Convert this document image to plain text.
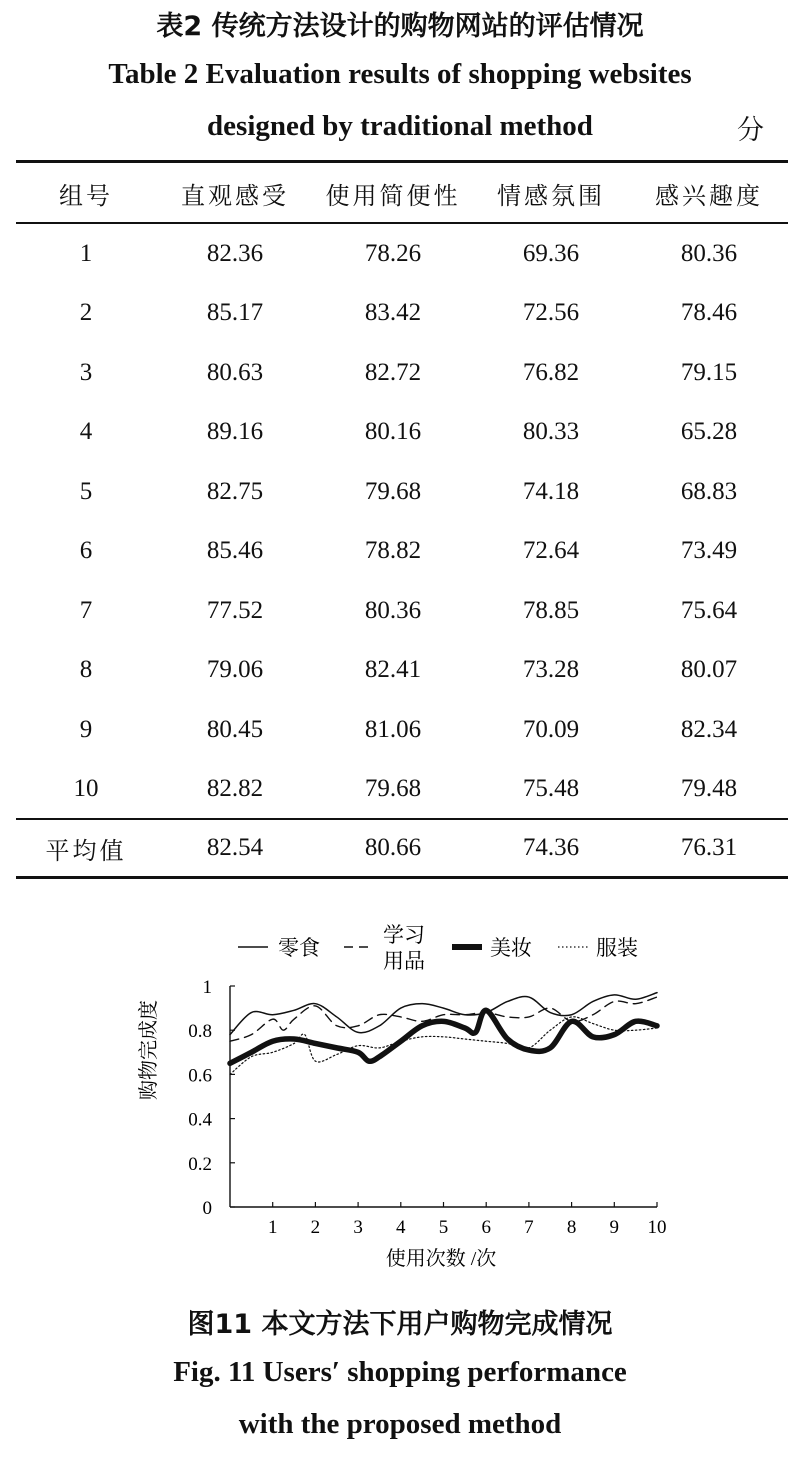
表2 传统方法设计的购物网站的评估情况
Table 2 Evaluation results of shopping websites
designed by traditional method	分
组号	直观感受	使用简便性	情感氛围	感兴趣度
1	82.36	78.26	69.36	80.36
2	85.17	83.42	72.56	78.46
3	80.63	82.72	76.82	79.15
4	89.16	80.16	80.33	65.28
5	82.75	79.68	74.18	68.83
6	85.46	78.82	72.64	73.49
7	77.52	80.36	78.85	75.64
8	79.06	82.41	73.28	80.07
9	80.45	81.06	70.09	82.34
10	82.82	79.68	75.48	79.48
平均值	82.54	80.66	74.36	76.31
零食
学习
用品
美妆	服装
0
0.2
0.4
0.6
0.8
1
1 2 3 4 5 6 7 8 9 10
使用次数 /次
购物完成度
图11 本文方法下用户购物完成情况
Fig. 11 Users′ shopping performance
with the proposed method
